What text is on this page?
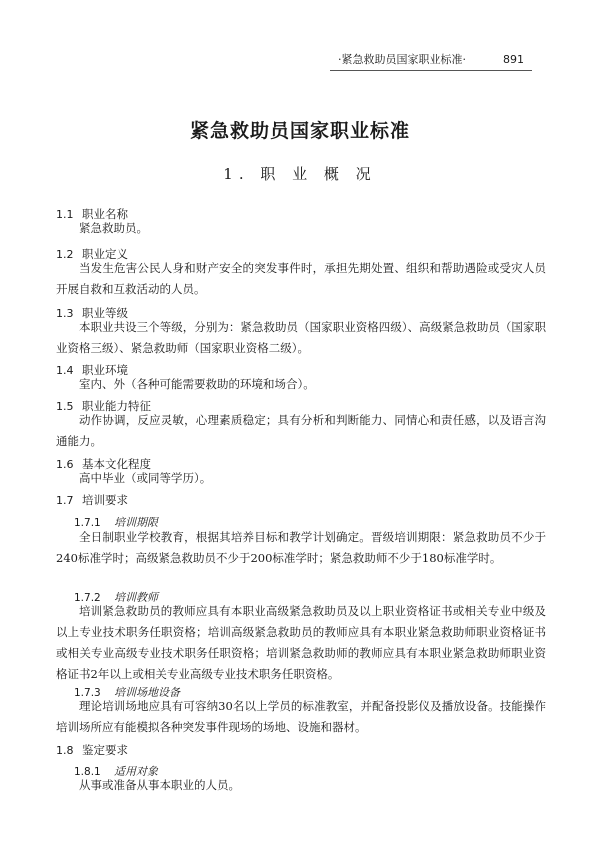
·紧急救助员国家职业标准·	891
紧急救助员国家职业标准
1. 职 业 概 况
1.1 职业名称
紧急救助员。
1.2 职业定义
当发生危害公民人身和财产安全的突发事件时，承担先期处置、组织和帮助遇险或受灾人员开展自救和互救活动的人员。
1.3 职业等级
本职业共设三个等级，分别为：紧急救助员（国家职业资格四级）、高级紧急救助员（国家职业资格三级）、紧急救助师（国家职业资格二级）。
1.4 职业环境
室内、外（各种可能需要救助的环境和场合）。
1.5 职业能力特征
动作协调，反应灵敏，心理素质稳定；具有分析和判断能力、同情心和责任感，以及语言沟通能力。
1.6 基本文化程度
高中毕业（或同等学历）。
1.7 培训要求
1.7.1 培训期限
全日制职业学校教育，根据其培养目标和教学计划确定。晋级培训期限：紧急救助员不少于240标准学时；高级紧急救助员不少于200标准学时；紧急救助师不少于180标准学时。
1.7.2 培训教师
培训紧急救助员的教师应具有本职业高级紧急救助员及以上职业资格证书或相关专业中级及以上专业技术职务任职资格；培训高级紧急救助员的教师应具有本职业紧急救助师职业资格证书或相关专业高级专业技术职务任职资格；培训紧急救助师的教师应具有本职业紧急救助师职业资格证书2年以上或相关专业高级专业技术职务任职资格。
1.7.3 培训场地设备
理论培训场地应具有可容纳30名以上学员的标准教室，并配备投影仪及播放设备。技能操作培训场所应有能模拟各种突发事件现场的场地、设施和器材。
1.8 鉴定要求
1.8.1 适用对象
从事或准备从事本职业的人员。
